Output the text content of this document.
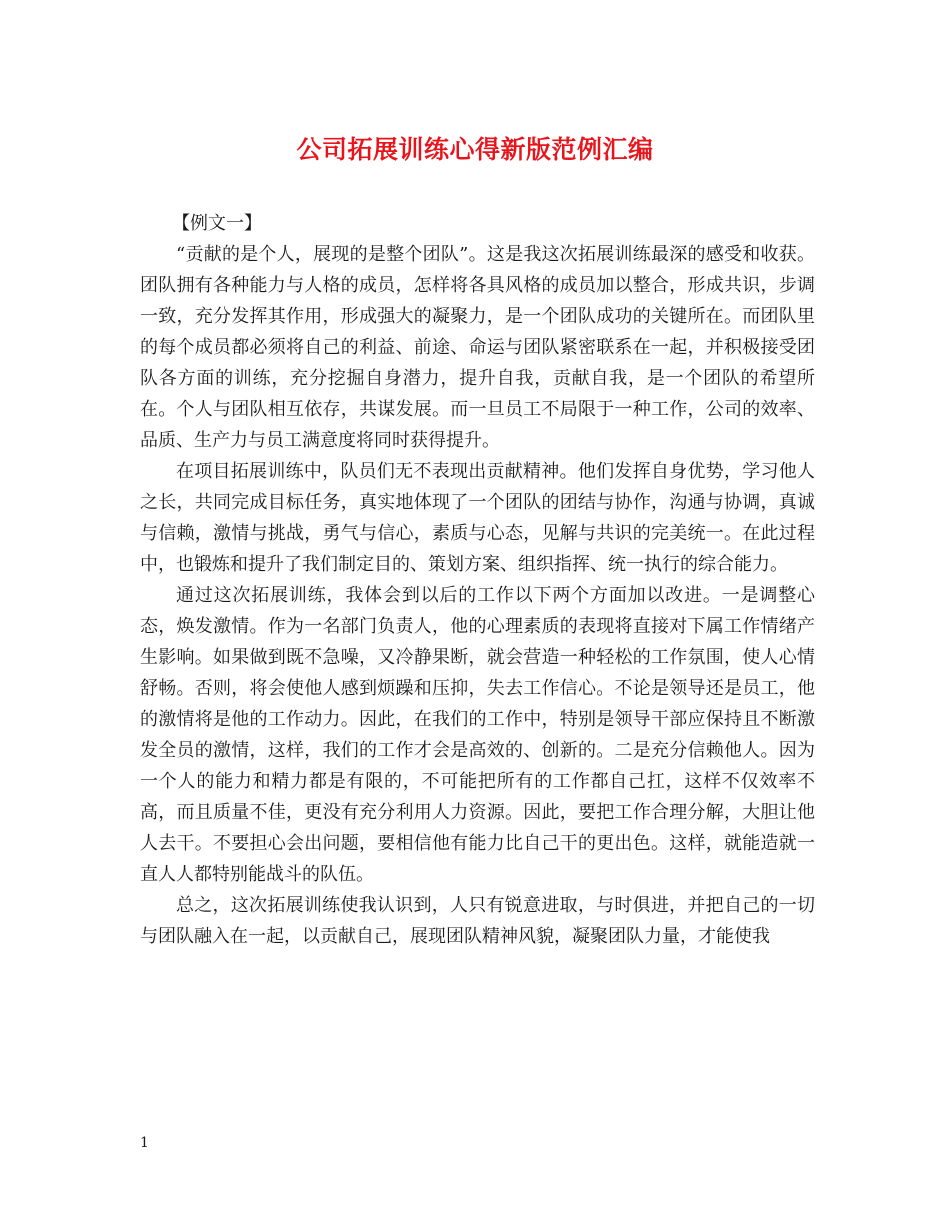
公司拓展训练心得新版范例汇编

【例文一】

“贡献的是个人，展现的是整个团队”。这是我这次拓展训练最深的感受和收获。团队拥有各种能力与人格的成员，怎样将各具风格的成员加以整合，形成共识，步调一致，充分发挥其作用，形成强大的凝聚力，是一个团队成功的关键所在。而团队里的每个成员都必须将自己的利益、前途、命运与团队紧密联系在一起，并积极接受团队各方面的训练，充分挖掘自身潜力，提升自我，贡献自我，是一个团队的希望所在。个人与团队相互依存，共谋发展。而一旦员工不局限于一种工作，公司的效率、品质、生产力与员工满意度将同时获得提升。

在项目拓展训练中，队员们无不表现出贡献精神。他们发挥自身优势，学习他人之长，共同完成目标任务，真实地体现了一个团队的团结与协作，沟通与协调，真诚与信赖，激情与挑战，勇气与信心，素质与心态，见解与共识的完美统一。在此过程中，也锻炼和提升了我们制定目的、策划方案、组织指挥、统一执行的综合能力。

通过这次拓展训练，我体会到以后的工作以下两个方面加以改进。一是调整心态，焕发激情。作为一名部门负责人，他的心理素质的表现将直接对下属工作情绪产生影响。如果做到既不急噪，又冷静果断，就会营造一种轻松的工作氛围，使人心情舒畅。否则，将会使他人感到烦躁和压抑，失去工作信心。不论是领导还是员工，他的激情将是他的工作动力。因此，在我们的工作中，特别是领导干部应保持且不断激发全员的激情，这样，我们的工作才会是高效的、创新的。二是充分信赖他人。因为一个人的能力和精力都是有限的，不可能把所有的工作都自己扛，这样不仅效率不高，而且质量不佳，更没有充分利用人力资源。因此，要把工作合理分解，大胆让他人去干。不要担心会出问题，要相信他有能力比自己干的更出色。这样，就能造就一直人人都特别能战斗的队伍。

总之，这次拓展训练使我认识到，人只有锐意进取，与时俱进，并把自己的一切与团队融入在一起，以贡献自己，展现团队精神风貌，凝聚团队力量，才能使我

1
